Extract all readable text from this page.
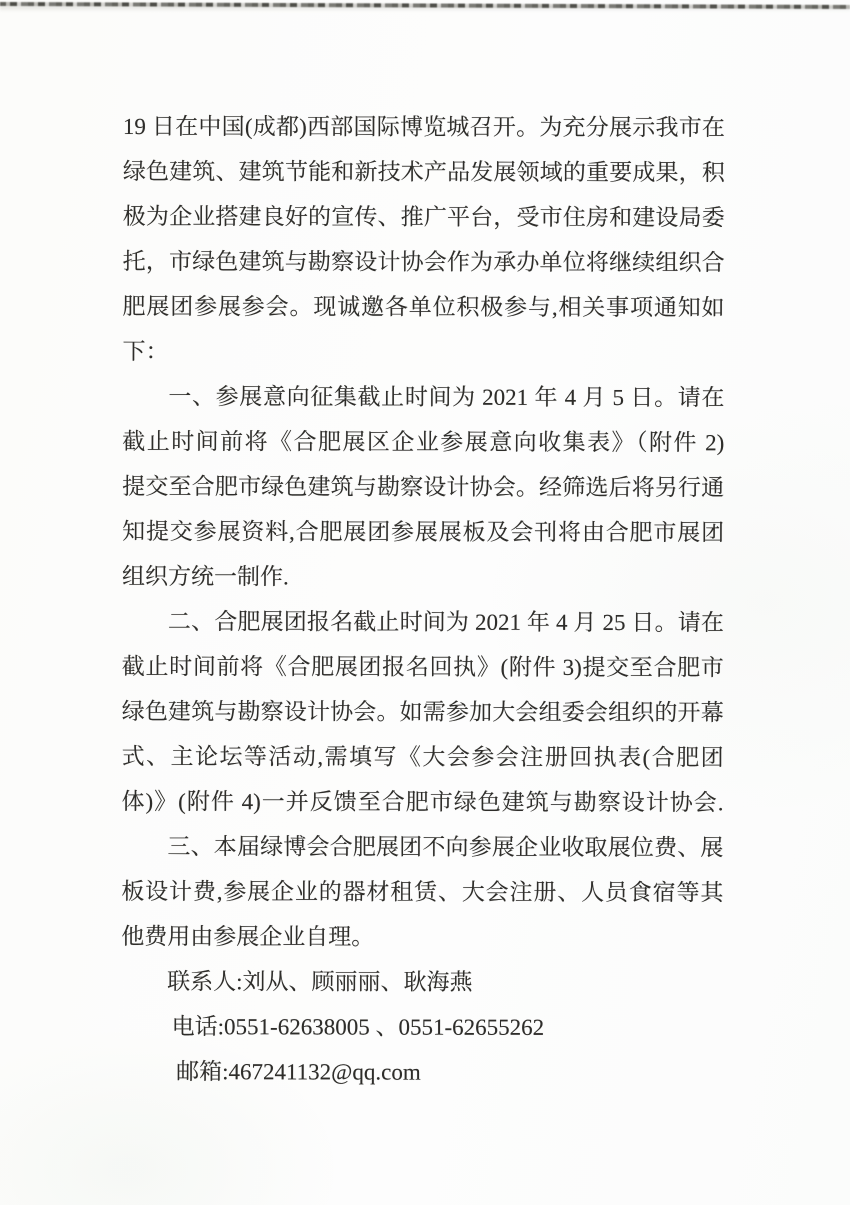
19 日在中国(成都)西部国际博览城召开。为充分展示我市在
绿色建筑、建筑节能和新技术产品发展领域的重要成果，积
极为企业搭建良好的宣传、推广平台，受市住房和建设局委
托，市绿色建筑与勘察设计协会作为承办单位将继续组织合
肥展团参展参会。现诚邀各单位积极参与,相关事项通知如
下：
一、参展意向征集截止时间为 2021 年 4 月 5 日。请在
截止时间前将《合肥展区企业参展意向收集表》（附件 2)
提交至合肥市绿色建筑与勘察设计协会。经筛选后将另行通
知提交参展资料,合肥展团参展展板及会刊将由合肥市展团
组织方统一制作.
二、合肥展团报名截止时间为 2021 年 4 月 25 日。请在
截止时间前将《合肥展团报名回执》(附件 3)提交至合肥市
绿色建筑与勘察设计协会。如需参加大会组委会组织的开幕
式、主论坛等活动,需填写《大会参会注册回执表(合肥团
体)》(附件 4)一并反馈至合肥市绿色建筑与勘察设计协会.
三、本届绿博会合肥展团不向参展企业收取展位费、展
板设计费,参展企业的器材租赁、大会注册、人员食宿等其
他费用由参展企业自理。
联系人:刘从、顾丽丽、耿海燕
电话:0551-62638005 、0551-62655262
邮箱:467241132@qq.com
